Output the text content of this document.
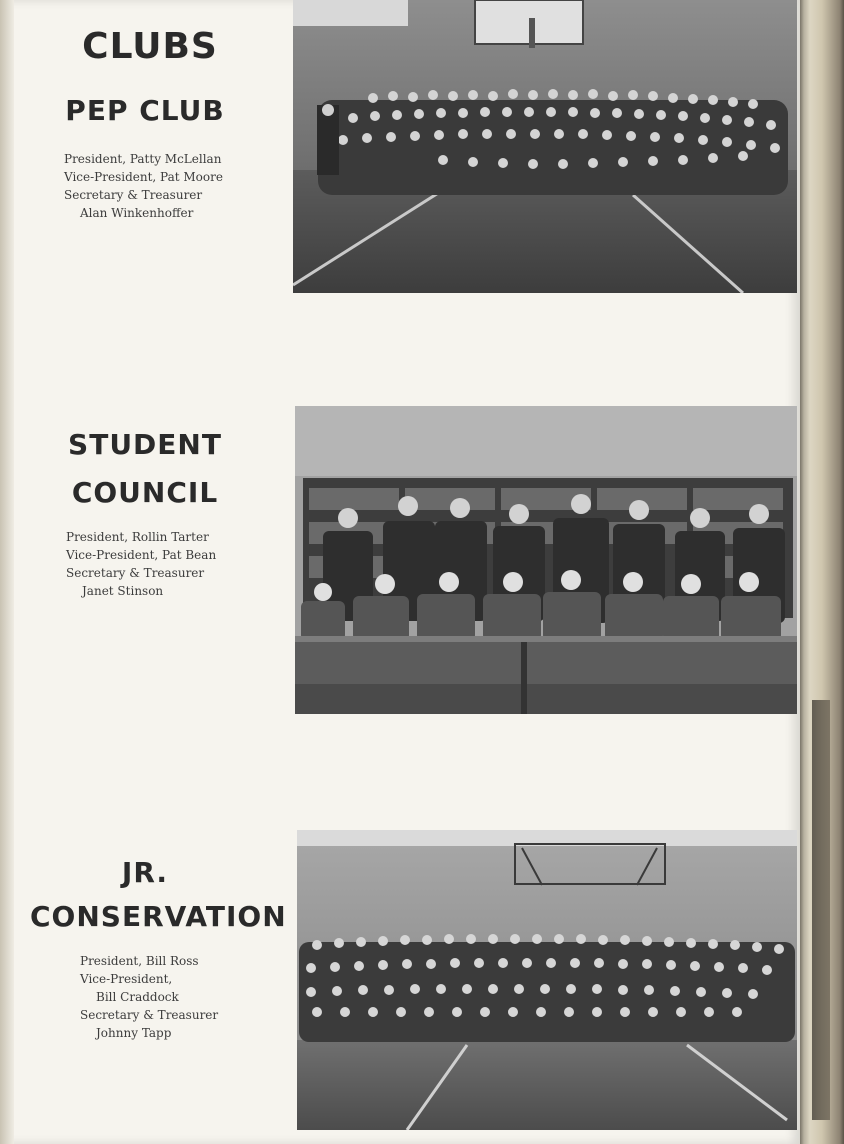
CLUBS
PEP CLUB
President, Patty McLellan
Vice-President, Pat Moore
Secretary & Treasurer
Alan Winkenhoffer
STUDENT
COUNCIL
President, Rollin Tarter
Vice-President, Pat Bean
Secretary & Treasurer
Janet Stinson
JR.
CONSERVATION
President, Bill Ross
Vice-President,
Bill Craddock
Secretary & Treasurer
Johnny Tapp
